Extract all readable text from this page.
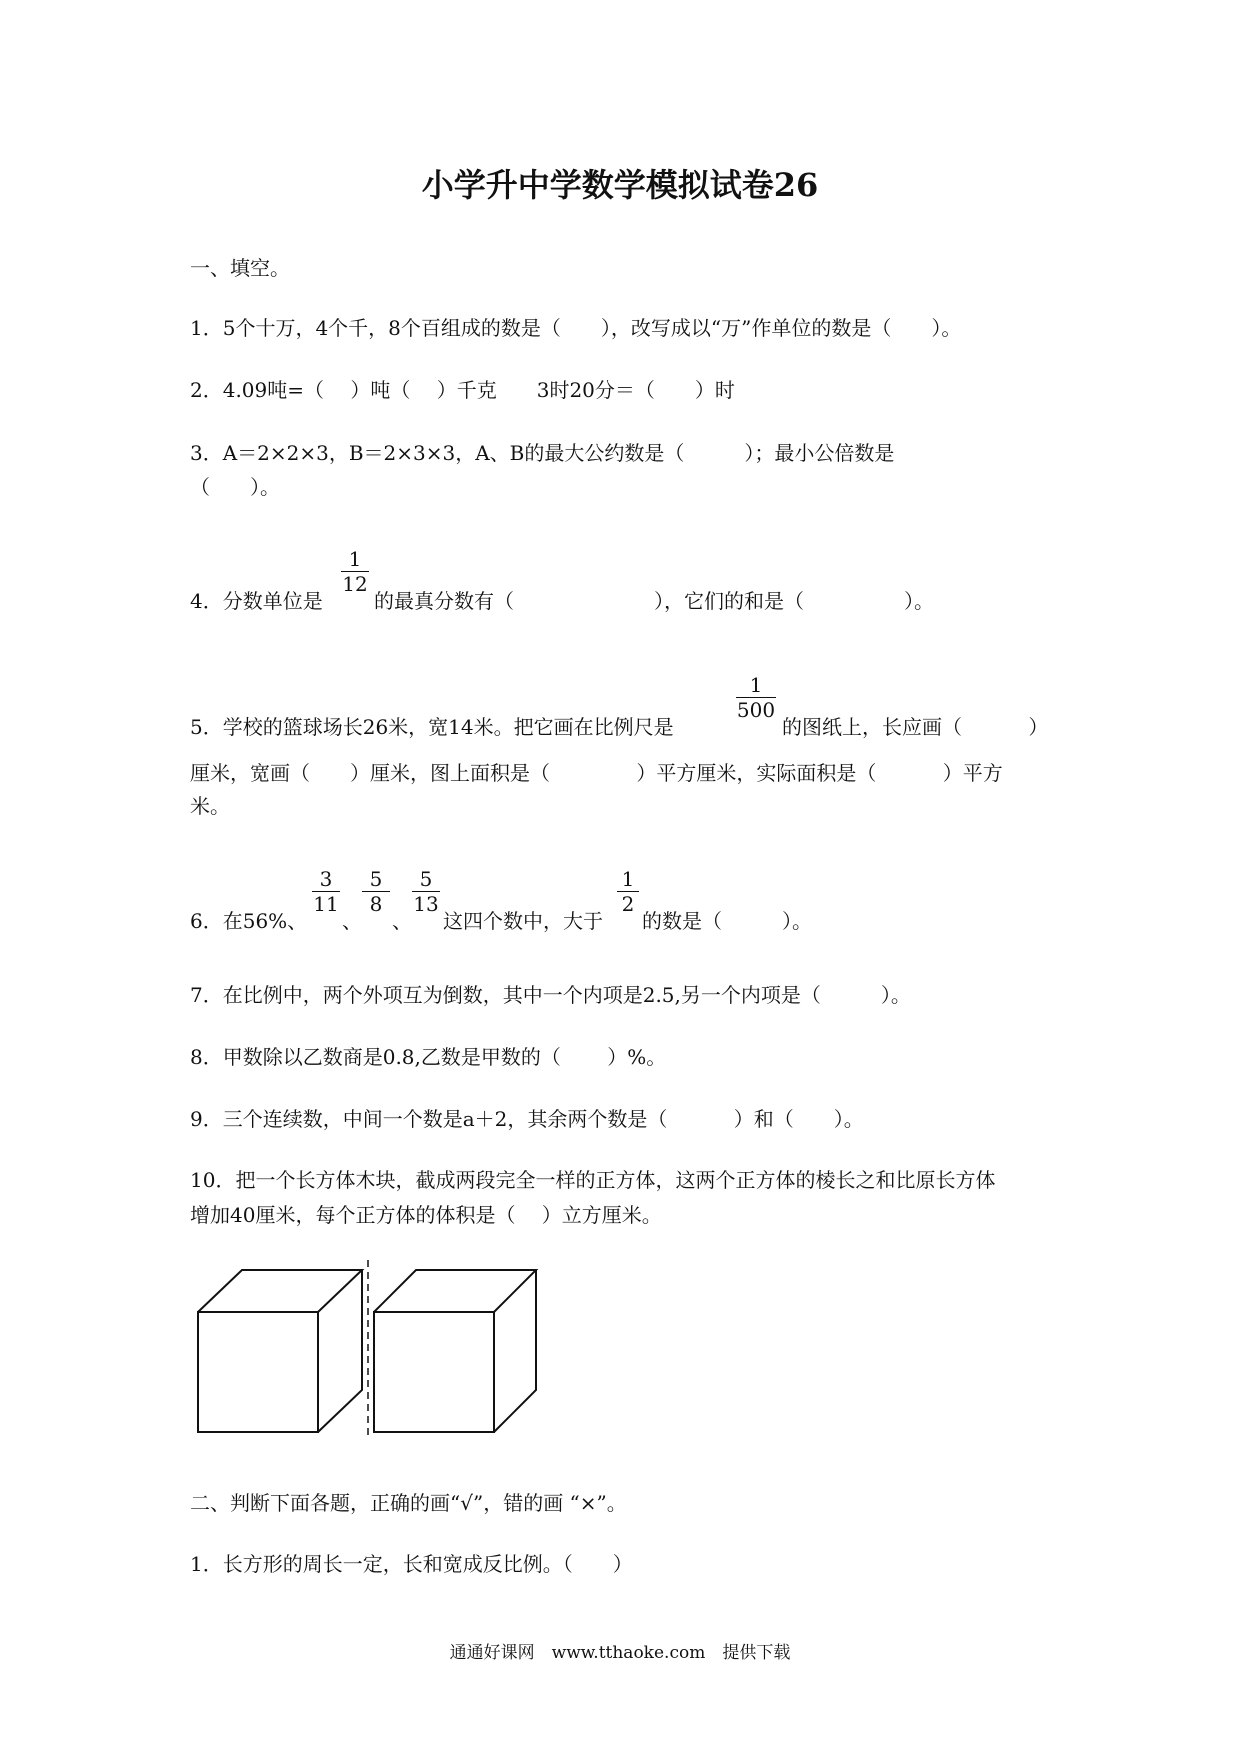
小学升中学数学模拟试卷26
一、填空。
1．5个十万，4个千，8个百组成的数是（　　），改写成以“万”作单位的数是（　　）。
2．4.09吨=（　 ）吨（　 ）千克　　3时20分＝（　　）时
3．A＝2×2×3，B＝2×3×3，A、B的最大公约数是（　　　）；最小公倍数是
（　　）。
4．分数单位是
1
12
的最真分数有（　　　　　　　），它们的和是（　　　　　）。
5．学校的篮球场长26米，宽14米。把它画在比例尺是
1
500
的图纸上，长应画（　　　 ）
厘米，宽画（　　）厘米，图上面积是（　　　　 ）平方厘米，实际面积是（　　　 ）平方
米。
6．在56%、
3
11
、
5
8
、
5
13
这四个数中，大于
1
2
的数是（　　　）。
7．在比例中，两个外项互为倒数，其中一个内项是2.5,另一个内项是（　　　）。
8．甲数除以乙数商是0.8,乙数是甲数的（　　 ）%。
9．三个连续数，中间一个数是a＋2，其余两个数是（　　　 ）和（　　）。
10．把一个长方体木块，截成两段完全一样的正方体，这两个正方体的棱长之和比原长方体
增加40厘米，每个正方体的体积是（　 ）立方厘米。
二、判断下面各题，正确的画“√”，错的画 “×”。
1．长方形的周长一定，长和宽成反比例。（　　）
通通好课网　www.tthaoke.com　提供下载
